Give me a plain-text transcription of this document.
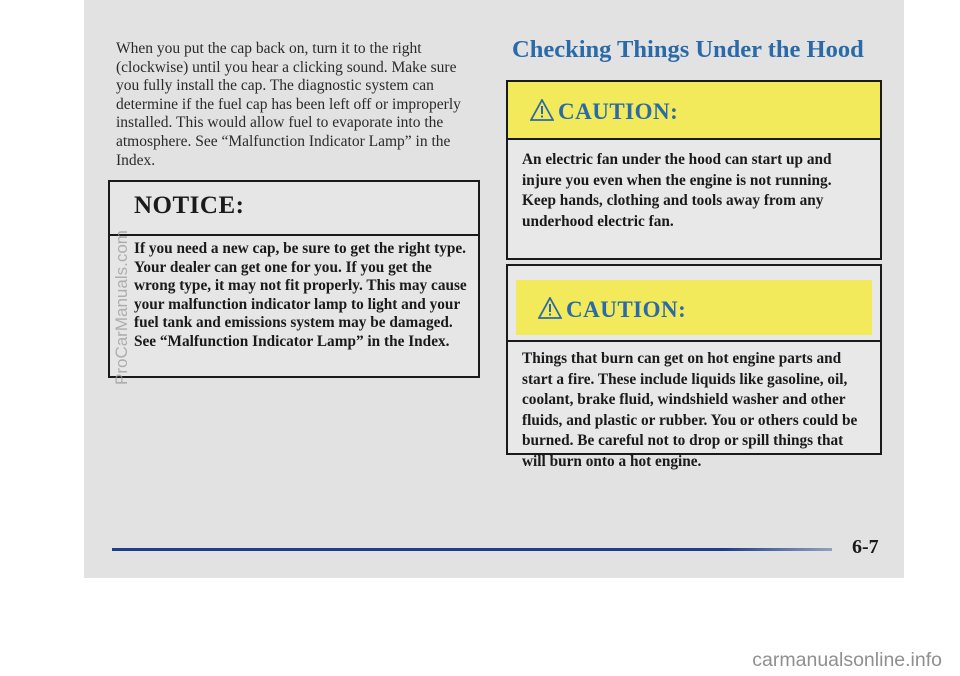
When you put the cap back on, turn it to the right (clockwise) until you hear a clicking sound. Make sure you fully install the cap. The diagnostic system can determine if the fuel cap has been left off or improperly installed. This would allow fuel to evaporate into the atmosphere. See “Malfunction Indicator Lamp” in the Index.

NOTICE:

If you need a new cap, be sure to get the right type. Your dealer can get one for you. If you get the wrong type, it may not fit properly. This may cause your malfunction indicator lamp to light and your fuel tank and emissions system may be damaged. See “Malfunction Indicator Lamp” in the Index.

Checking Things Under the Hood
CAUTION:

An electric fan under the hood can start up and injure you even when the engine is not running. Keep hands, clothing and tools away from any underhood electric fan.

CAUTION:

Things that burn can get on hot engine parts and start a fire. These include liquids like gasoline, oil, coolant, brake fluid, windshield washer and other fluids, and plastic or rubber. You or others could be burned. Be careful not to drop or spill things that will burn onto a hot engine.

6-7
ProCarManuals.com
carmanualsonline.info
